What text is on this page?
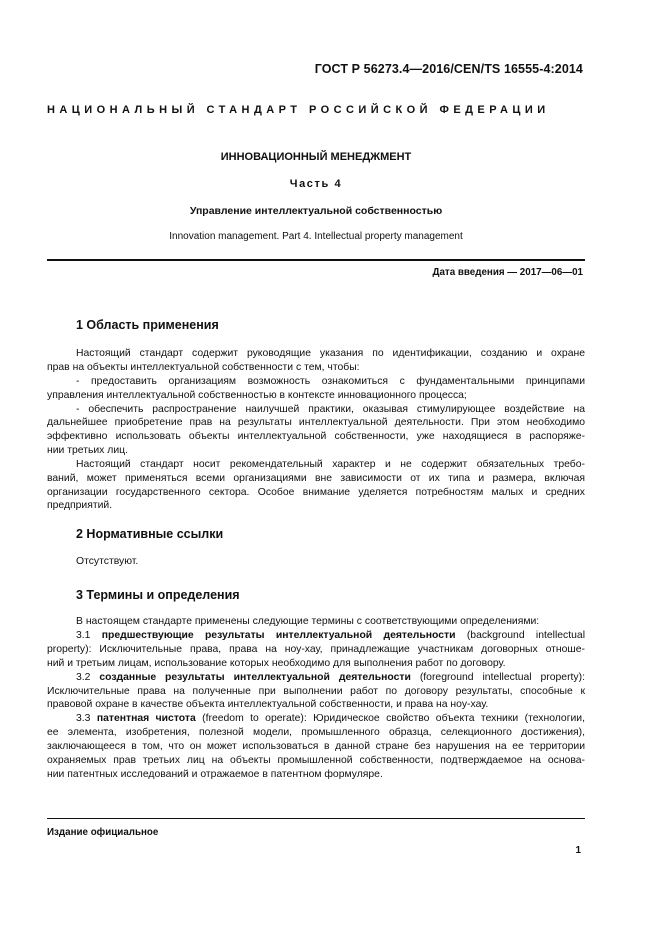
ГОСТ Р 56273.4—2016/CEN/TS 16555-4:2014
НАЦИОНАЛЬНЫЙ СТАНДАРТ РОССИЙСКОЙ ФЕДЕРАЦИИ
ИННОВАЦИОННЫЙ МЕНЕДЖМЕНТ
Часть 4
Управление интеллектуальной собственностью
Innovation management. Part 4. Intellectual property management
Дата введения — 2017—06—01
1 Область применения
Настоящий стандарт содержит руководящие указания по идентификации, созданию и охране
прав на объекты интеллектуальной собственности с тем, чтобы:
- предоставить организациям возможность ознакомиться с фундаментальными принципами
управления интеллектуальной собственностью в контексте инновационного процесса;
- обеспечить распространение наилучшей практики, оказывая стимулирующее воздействие на
дальнейшее приобретение прав на результаты интеллектуальной деятельности. При этом необходимо
эффективно использовать объекты интеллектуальной собственности, уже находящиеся в распоряже-
нии третьих лиц.
Настоящий стандарт носит рекомендательный характер и не содержит обязательных требо-
ваний, может применяться всеми организациями вне зависимости от их типа и размера, включая
организации государственного сектора. Особое внимание уделяется потребностям малых и средних
предприятий.
2 Нормативные ссылки
Отсутствуют.
3 Термины и определения
В настоящем стандарте применены следующие термины с соответствующими определениями:
3.1 предшествующие результаты интеллектуальной деятельности (background intellectual
property): Исключительные права, права на ноу-хау, принадлежащие участникам договорных отноше-
ний и третьим лицам, использование которых необходимо для выполнения работ по договору.
3.2 созданные результаты интеллектуальной деятельности (foreground intellectual property):
Исключительные права на полученные при выполнении работ по договору результаты, способные к
правовой охране в качестве объекта интеллектуальной собственности, и права на ноу-хау.
3.3 патентная чистота (freedom to operate): Юридическое свойство объекта техники (технологии,
ее элемента, изобретения, полезной модели, промышленного образца, селекционного достижения),
заключающееся в том, что он может использоваться в данной стране без нарушения на ее территории
охраняемых прав третьих лиц на объекты промышленной собственности, подтверждаемое на основа-
нии патентных исследований и отражаемое в патентном формуляре.
Издание официальное
1
